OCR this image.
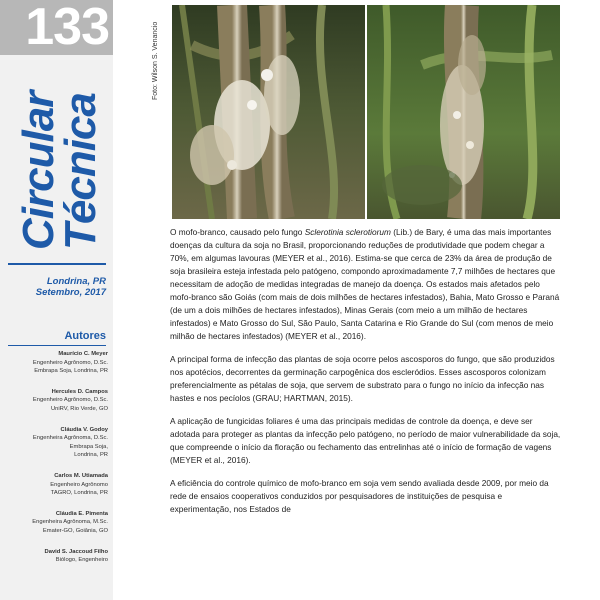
133
Circular
Técnica
Londrina, PR
Setembro, 2017
Autores
Maurício C. Meyer
Engenheiro Agrônomo, D.Sc.
Embrapa Soja, Londrina, PR
Hercules D. Campos
Engenheiro Agrônomo, D.Sc.
UniRV, Rio Verde, GO
Cláudia V. Godoy
Engenheira Agrônoma, D.Sc.
Embrapa Soja,
Londrina, PR
Carlos M. Utiamada
Engenheiro Agrônomo
TAGRO, Londrina, PR
Cláudia E. Pimenta
Engenheira Agrônoma, M.Sc.
Emater-GO, Goiânia, GO
David S. Jaccoud Filho
Biólogo, Engenheiro
Foto: Wilson S. Venancio

O mofo-branco, causado pelo fungo Sclerotinia sclerotiorum (Lib.) de Bary, é uma das mais importantes doenças da cultura da soja no Brasil, proporcionando reduções de produtividade que podem chegar a 70%, em algumas lavouras (MEYER et al., 2016). Estima-se que cerca de 23% da área de produção de soja brasileira esteja infestada pelo patógeno, compondo aproximadamente 7,7 milhões de hectares que necessitam de adoção de medidas integradas de manejo da doença. Os estados mais afetados pelo mofo-branco são Goiás (com mais de dois milhões de hectares infestados), Bahia, Mato Grosso e Paraná (de um a dois milhões de hectares infestados), Minas Gerais (com meio a um milhão de hectares infestados) e Mato Grosso do Sul, São Paulo, Santa Catarina e Rio Grande do Sul (com menos de meio milhão de hectares infestados) (MEYER et al., 2016).

A principal forma de infecção das plantas de soja ocorre pelos ascosporos do fungo, que são produzidos nos apotécios, decorrentes da germinação carpogênica dos escleródios. Esses ascosporos colonizam preferencialmente as pétalas de soja, que servem de substrato para o fungo no início da infecção nas hastes e nos pecíolos (GRAU; HARTMAN, 2015).

A aplicação de fungicidas foliares é uma das principais medidas de controle da doença, e deve ser adotada para proteger as plantas da infecção pelo patógeno, no período de maior vulnerabilidade da soja, que compreende o início da floração ou fechamento das entrelinhas até o início de formação de vagens (MEYER et al., 2016).

A eficiência do controle químico de mofo-branco em soja vem sendo avaliada desde 2009, por meio da rede de ensaios cooperativos conduzidos por pesquisadores de instituições de pesquisa e experimentação, nos Estados de
